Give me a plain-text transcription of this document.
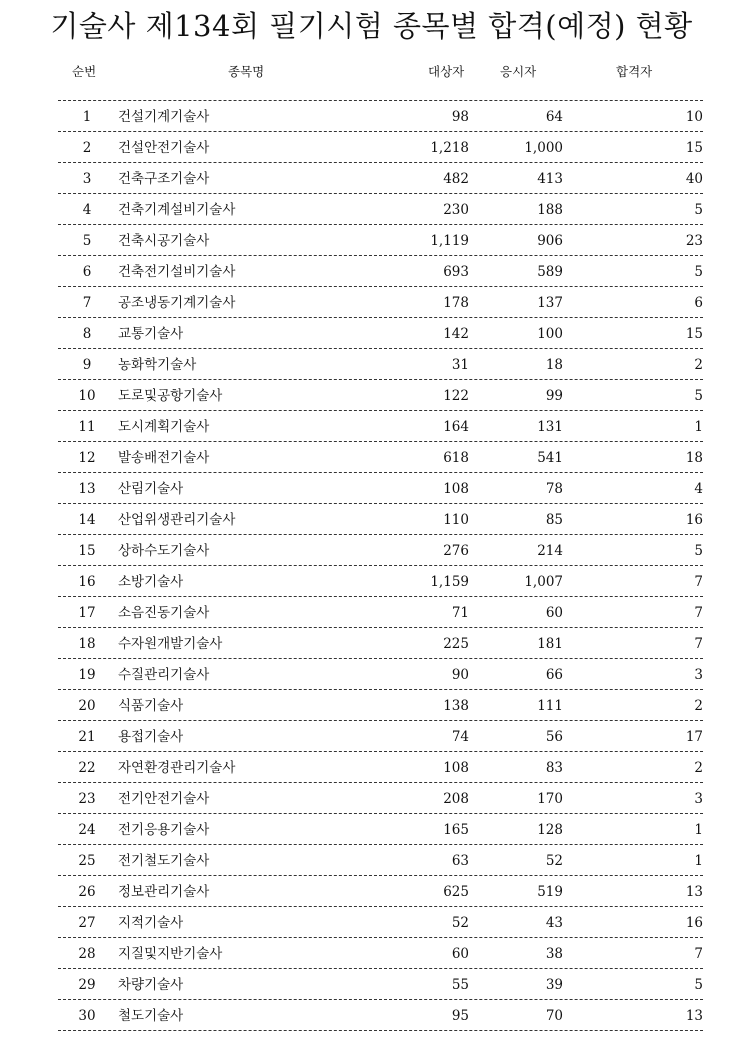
기술사 제134회 필기시험 종목별 합격(예정) 현황
순번	종목명	대상자	응시자	합격자
1	건설기계기술사	98	64	10
2	건설안전기술사	1,218	1,000	15
3	건축구조기술사	482	413	40
4	건축기계설비기술사	230	188	5
5	건축시공기술사	1,119	906	23
6	건축전기설비기술사	693	589	5
7	공조냉동기계기술사	178	137	6
8	교통기술사	142	100	15
9	농화학기술사	31	18	2
10	도로및공항기술사	122	99	5
11	도시계획기술사	164	131	1
12	발송배전기술사	618	541	18
13	산림기술사	108	78	4
14	산업위생관리기술사	110	85	16
15	상하수도기술사	276	214	5
16	소방기술사	1,159	1,007	7
17	소음진동기술사	71	60	7
18	수자원개발기술사	225	181	7
19	수질관리기술사	90	66	3
20	식품기술사	138	111	2
21	용접기술사	74	56	17
22	자연환경관리기술사	108	83	2
23	전기안전기술사	208	170	3
24	전기응용기술사	165	128	1
25	전기철도기술사	63	52	1
26	정보관리기술사	625	519	13
27	지적기술사	52	43	16
28	지질및지반기술사	60	38	7
29	차량기술사	55	39	5
30	철도기술사	95	70	13
